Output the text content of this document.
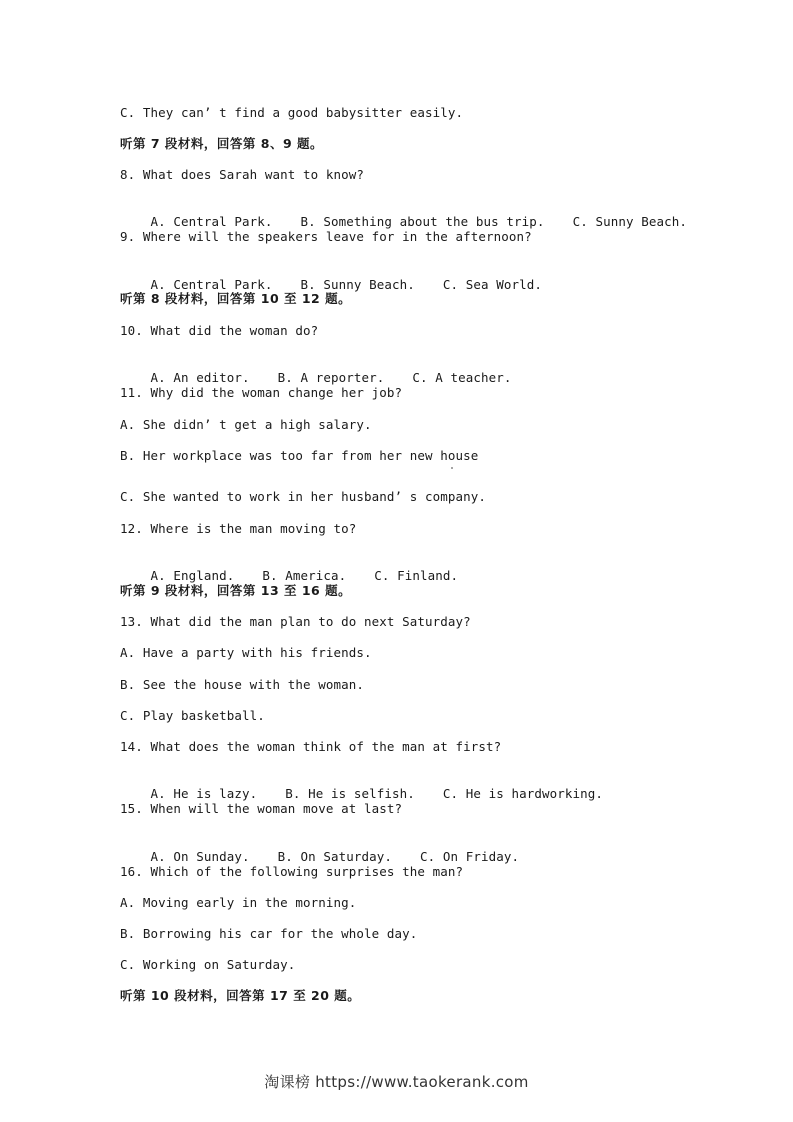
C. They can’ t find a good babysitter easily.
听第 7 段材料，回答第 8、9 题。
8. What does Sarah want to know?

A. Central Park. B. Something about the bus trip. C. Sunny Beach.

9. Where will the speakers leave for in the afternoon?

A. Central Park. B. Sunny Beach. C. Sea World.

听第 8 段材料，回答第 10 至 12 题。
10. What did the woman do?

A. An editor. B. A reporter. C. A teacher.

11. Why did the woman change her job?
A. She didn’ t get a high salary.
B. Her workplace was too far from her new house
C. She wanted to work in her husband’ s company.
12. Where is the man moving to?

A. England. B. America. C. Finland.

听第 9 段材料，回答第 13 至 16 题。
13. What did the man plan to do next Saturday?
A. Have a party with his friends.
B. See the house with the woman.
C. Play basketball.
14. What does the woman think of the man at first?

A. He is lazy. B. He is selfish. C. He is hardworking.

15. When will the woman move at last?

A. On Sunday. B. On Saturday. C. On Friday.

16. Which of the following surprises the man?
A. Moving early in the morning.
B. Borrowing his car for the whole day.
C. Working on Saturday.
听第 10 段材料，回答第 17 至 20 题。
淘课榜 https://www.taokerank.com
